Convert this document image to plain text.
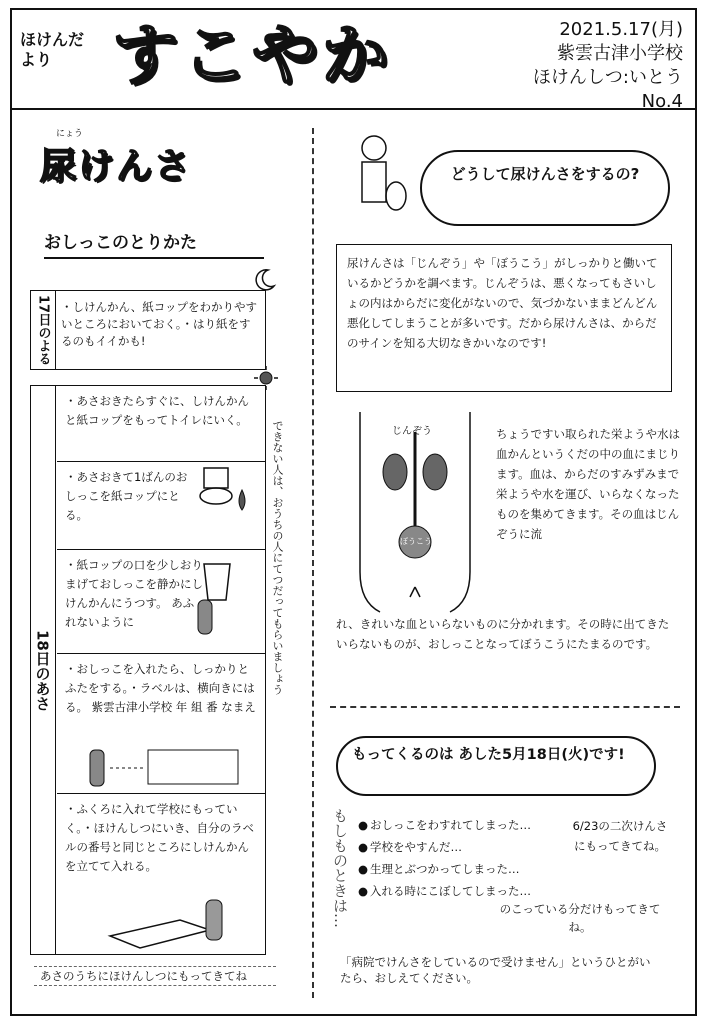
ほけんだより すこやか	2021.5.17(月)
紫雲古津小学校
ほけんしつ:いとう
No.4
にょう
尿けんさ
おしっこのとりかた
17日のよる ・しけんかん、紙コップをわかりやすいところにおいておく。・はり紙をするのもイイかも!
18日のあさ
・あさおきたらすぐに、しけんかんと紙コップをもってトイレにいく。
・あさおきて1ばんのおしっこを紙コップにとる。
・紙コップの口を少しおりまげておしっこを静かにしけんかんにうつす。 あふれないように
・おしっこを入れたら、しっかりとふたをする。・ラベルは、横向きにはる。 紫雲古津小学校 年 組 番 なまえ
・ふくろに入れて学校にもっていく。・ほけんしつにいき、自分のラベルの番号と同じところにしけんかんを立てて入れる。
できない人は、おうちの人にてつだってもらいましょう
あさのうちにほけんしつにもってきてね
どうして尿けんさをするの?
尿けんさは「じんぞう」や「ぼうこう」がしっかりと働いているかどうかを調べます。じんぞうは、悪くなってもさいしょの内はからだに変化がないので、気づかないままどんどん悪化してしまうことが多いです。だから尿けんさは、からだのサインを知る大切なきかいなのです!
じんぞう
ぼうこう
ちょうですい取られた栄ようや水は血かんというくだの中の血にまじります。血は、からだのすみずみまで栄ようや水を運び、いらなくなったものを集めてきます。その血はじんぞうに流
れ、きれいな血といらないものに分かれます。その時に出てきたいらないものが、おしっことなってぼうこうにたまるのです。
もってくるのは あした5月18日(火)です!
もしものときは…
●	おしっこをわすれてしまった…
● 学校をやすんだ…
● 生理とぶつかってしまった…
● 入れる時にこぼしてしまった…
6/23の二次けんさにもってきてね。
のこっている分だけもってきてね。
「病院でけんさをしているので受けません」というひとがいたら、おしえてください。
